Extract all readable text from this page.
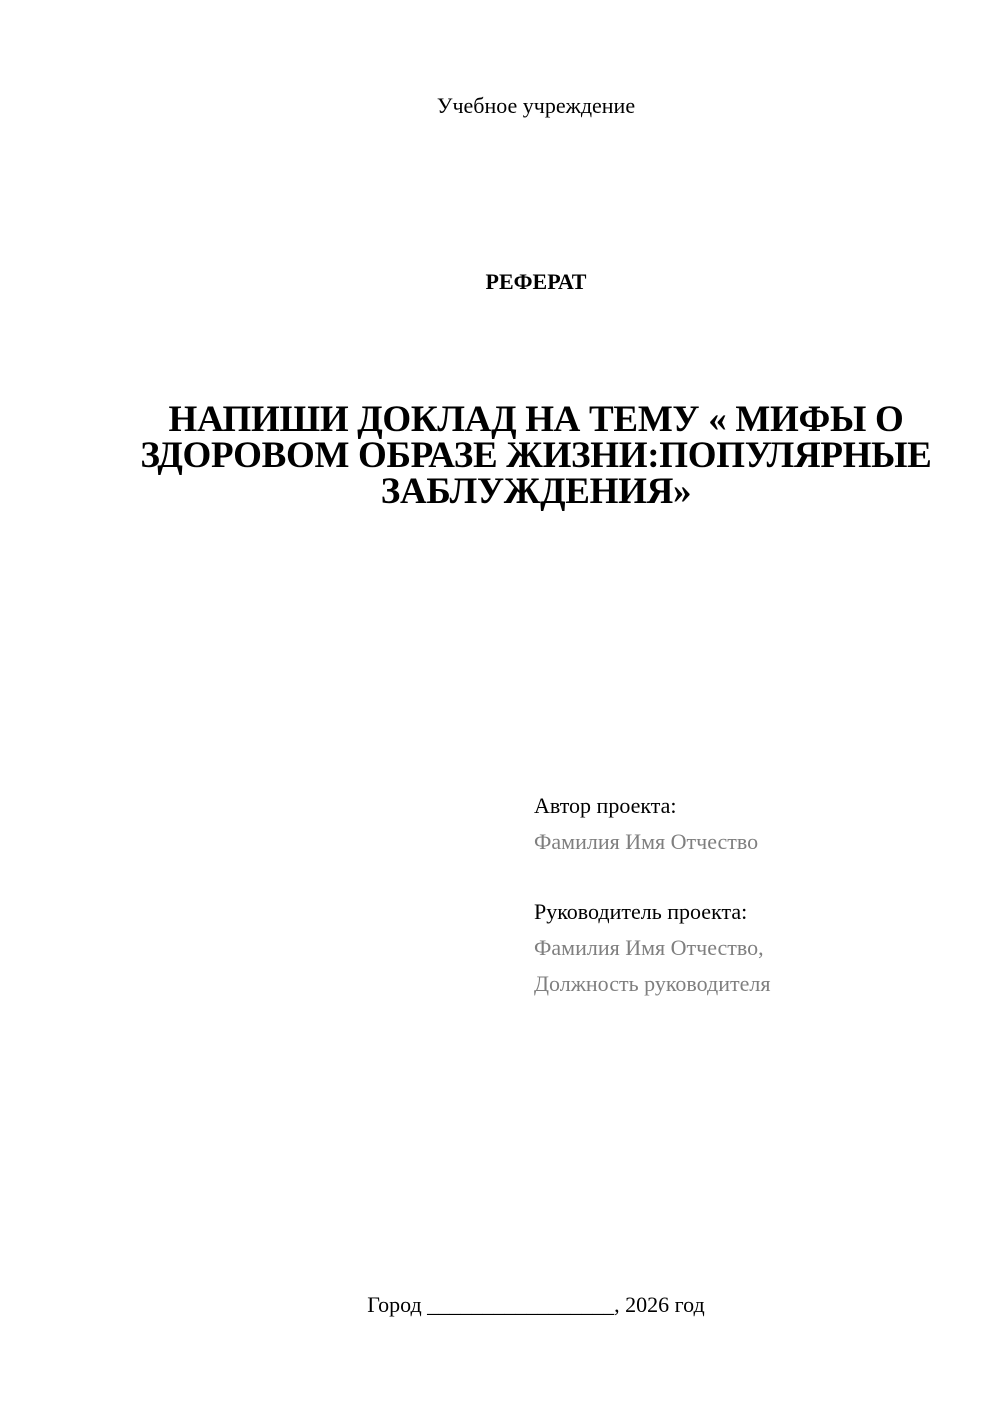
Учебное учреждение
РЕФЕРАТ
НАПИШИ ДОКЛАД НА ТЕМУ « МИФЫ О ЗДОРОВОМ ОБРАЗЕ ЖИЗНИ:ПОПУЛЯРНЫЕ ЗАБЛУЖДЕНИЯ»
Автор проекта:
Фамилия Имя Отчество
Руководитель проекта:
Фамилия Имя Отчество,
Должность руководителя
Город _________________, 2026 год
